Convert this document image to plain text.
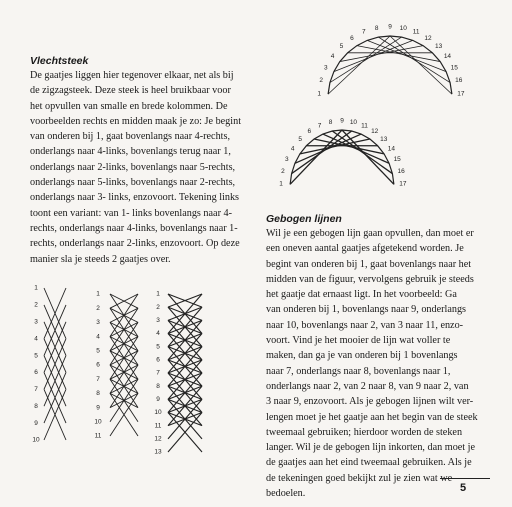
Vlechtsteek
De gaatjes liggen hier tegenover elkaar, net als bij
de zigzagsteek. Deze steek is heel bruikbaar voor
het opvullen van smalle en brede kolommen. De
voorbeelden rechts en midden maak je zo: Je begint
van onderen bij 1, gaat bovenlangs naar 4-rechts,
onderlangs naar 4-links, bovenlangs terug naar 1,
onderlangs naar 2-links, bovenlangs naar 5-rechts,
onderlangs naar 5-links, bovenlangs naar 2-rechts,
onderlangs naar 3- links, enzovoort. Tekening links
toont een variant: van 1- links bovenlangs naar 4-
rechts, onderlangs naar 4-links, bovenlangs naar 1-
rechts, onderlangs naar 2-links, enzovoort. Op deze
manier sla je steeds 2 gaatjes over.
Gebogen lijnen
Wil je een gebogen lijn gaan opvullen, dan moet er
een oneven aantal gaatjes afgetekend worden. Je
begint van onderen bij 1, gaat bovenlangs naar het
midden van de figuur, vervolgens gebruik je steeds
het gaatje dat ernaast ligt. In het voorbeeld: Ga
van onderen bij 1, bovenlangs naar 9, onderlangs
naar 10, bovenlangs naar 2, van 3 naar 11, enzo-
voort. Vind je het mooier de lijn wat voller te
maken, dan ga je van onderen bij 1 bovenlangs
naar 7, onderlangs naar 8, bovenlangs naar 1,
onderlangs naar 2, van 2 naar 8, van 9 naar 2, van
3 naar 9, enzovoort. Als je gebogen lijnen wilt ver-
lengen moet je het gaatje aan het begin van de steek
tweemaal gebruiken; hierdoor worden de steken
langer. Wil je de gebogen lijn inkorten, dan moet je
de gaatjes aan het eind tweemaal gebruiken. Als je
de tekeningen goed bekijkt zul je zien wat we
bedoelen.	5
1
2
3
4
5
6
7
8 9 10
11
12
13
14
15
16
17
1
2
3
4
5
6
7
8 9 10
11
12
13
14
15
16
17
1
2
3
4
5
6
7
8
9
10
1
2
3
4
5
6
7
8
9
10
11
1
2
3
4
5
6
7
8
9
10
11
12
13
